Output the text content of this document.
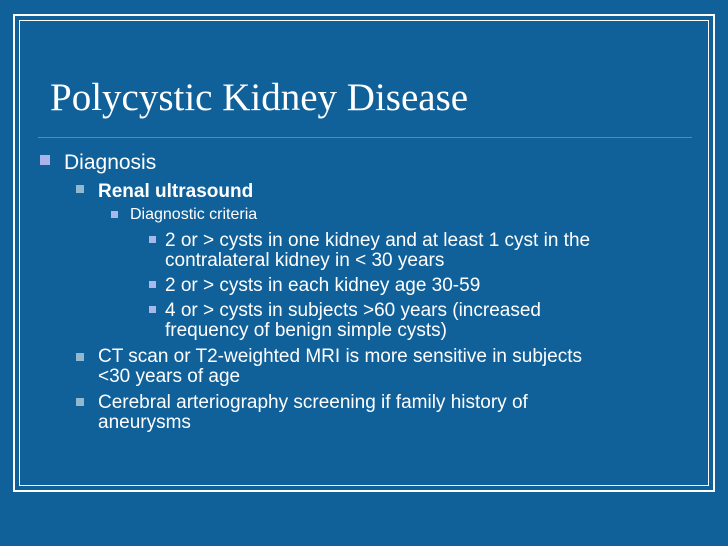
Polycystic Kidney Disease
Diagnosis
Renal ultrasound
Diagnostic criteria
2 or > cysts in one kidney and at least 1 cyst in the
contralateral kidney in < 30 years
2 or > cysts in each kidney age 30-59
4 or > cysts in subjects >60 years (increased
frequency of benign simple cysts)
CT scan or T2-weighted MRI is more sensitive in subjects
<30 years of age
Cerebral arteriography screening if family history of
aneurysms
